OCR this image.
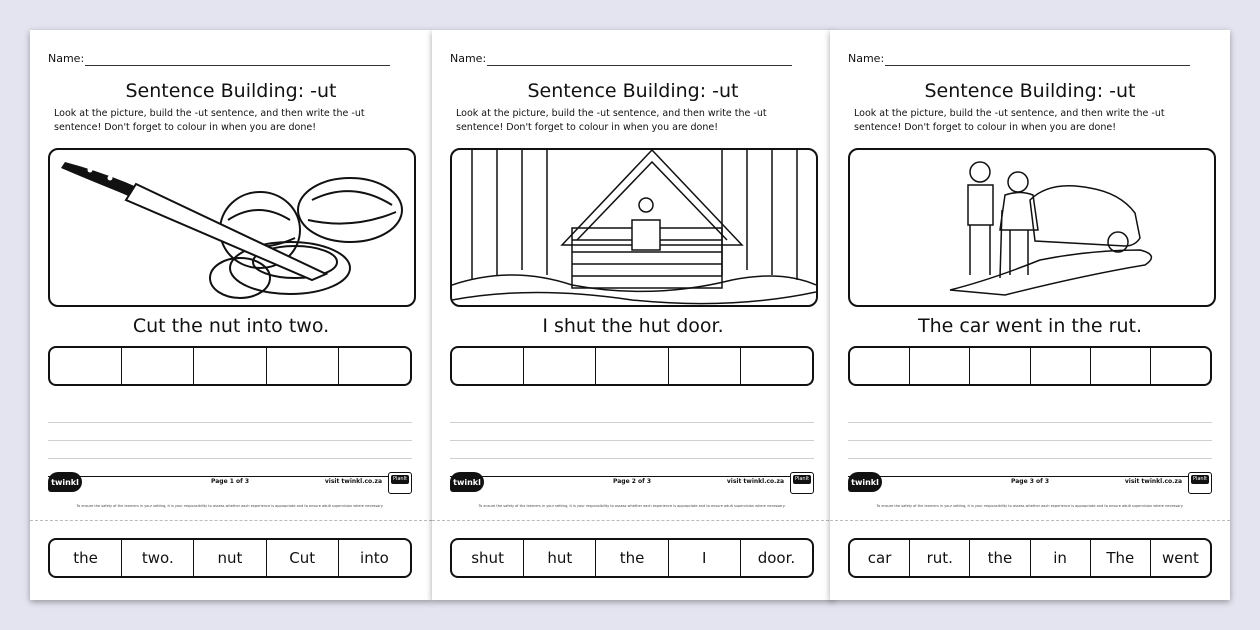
Name:
Sentence Building: -ut
Look at the picture, build the -ut sentence, and then write the -ut sentence! Don't forget to colour in when you are done!
Cut the nut into two.
twinkl	Page 1 of 3	visit twinkl.co.za	PlanIt
To ensure the safety of the learners in your setting, it is your responsibility to assess whether each experience is appropriate and to ensure adult supervision where necessary.
the	two.	nut	Cut	into
Name:
Sentence Building: -ut
Look at the picture, build the -ut sentence, and then write the -ut sentence! Don't forget to colour in when you are done!
I shut the hut door.
twinkl	Page 2 of 3	visit twinkl.co.za	PlanIt
To ensure the safety of the learners in your setting, it is your responsibility to assess whether each experience is appropriate and to ensure adult supervision where necessary.
shut	hut	the	I	door.
Name:
Sentence Building: -ut
Look at the picture, build the -ut sentence, and then write the -ut sentence! Don't forget to colour in when you are done!
The car went in the rut.
twinkl	Page 3 of 3	visit twinkl.co.za	PlanIt
To ensure the safety of the learners in your setting, it is your responsibility to assess whether each experience is appropriate and to ensure adult supervision where necessary.
car	rut.	the	in	The	went
